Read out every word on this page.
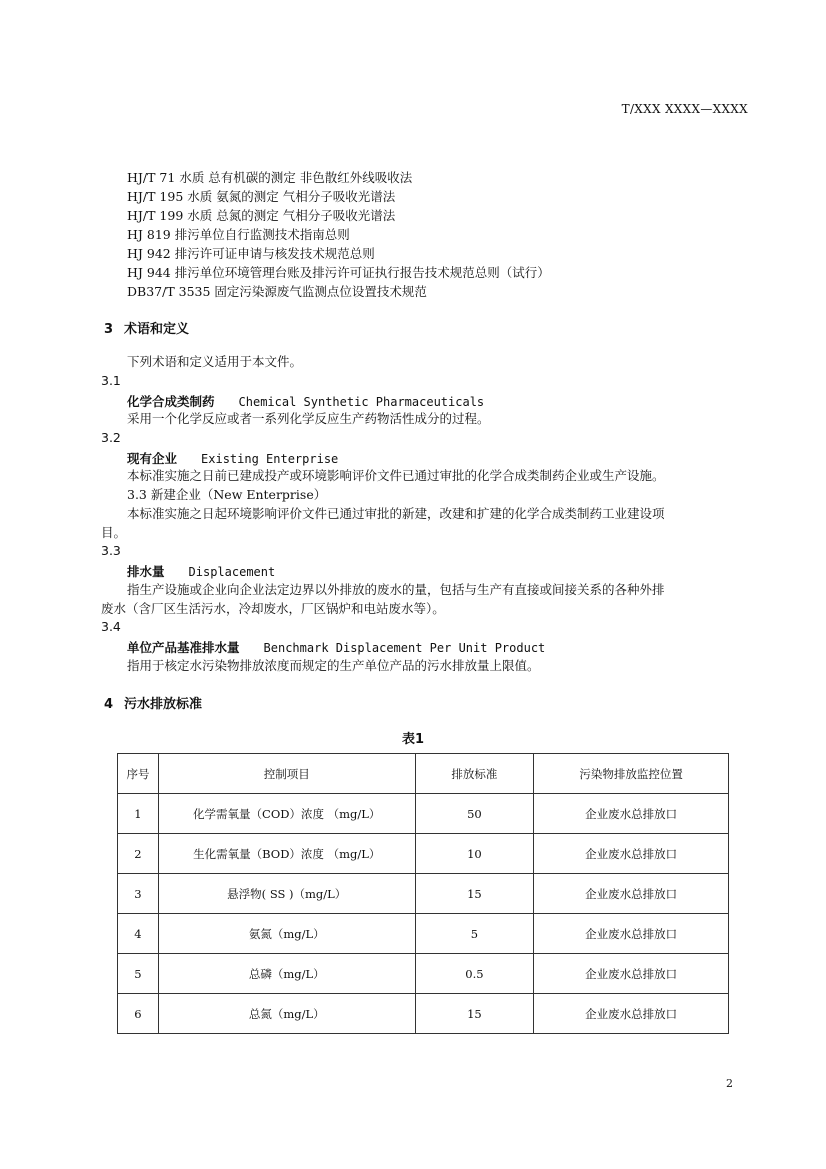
T/XXX XXXX—XXXX
HJ/T 71 水质 总有机碳的测定 非色散红外线吸收法
HJ/T 195 水质 氨氮的测定 气相分子吸收光谱法
HJ/T 199 水质 总氮的测定 气相分子吸收光谱法
HJ 819 排污单位自行监测技术指南总则
HJ 942 排污许可证申请与核发技术规范总则
HJ 944 排污单位环境管理台账及排污许可证执行报告技术规范总则（试行）
DB37/T 3535 固定污染源废气监测点位设置技术规范
3 术语和定义
下列术语和定义适用于本文件。
3.1
化学合成类制药 Chemical Synthetic Pharmaceuticals
采用一个化学反应或者一系列化学反应生产药物活性成分的过程。
3.2
现有企业 Existing Enterprise
本标准实施之日前已建成投产或环境影响评价文件已通过审批的化学合成类制药企业或生产设施。
3.3 新建企业（New Enterprise）
本标准实施之日起环境影响评价文件已通过审批的新建，改建和扩建的化学合成类制药工业建设项
目。
3.3
排水量 Displacement
指生产设施或企业向企业法定边界以外排放的废水的量，包括与生产有直接或间接关系的各种外排
废水（含厂区生活污水，冷却废水，厂区锅炉和电站废水等）。
3.4
单位产品基准排水量 Benchmark Displacement Per Unit Product
指用于核定水污染物排放浓度而规定的生产单位产品的污水排放量上限值。
4 污水排放标准
表1
序号	控制项目	排放标准	污染物排放监控位置
1	化学需氧量（COD）浓度 （mg/L）	50	企业废水总排放口
2	生化需氧量（BOD）浓度 （mg/L）	10	企业废水总排放口
3	悬浮物( SS )（mg/L）	15	企业废水总排放口
4	氨氮（mg/L）	5	企业废水总排放口
5	总磷（mg/L）	0.5	企业废水总排放口
6	总氮（mg/L）	15	企业废水总排放口
2
